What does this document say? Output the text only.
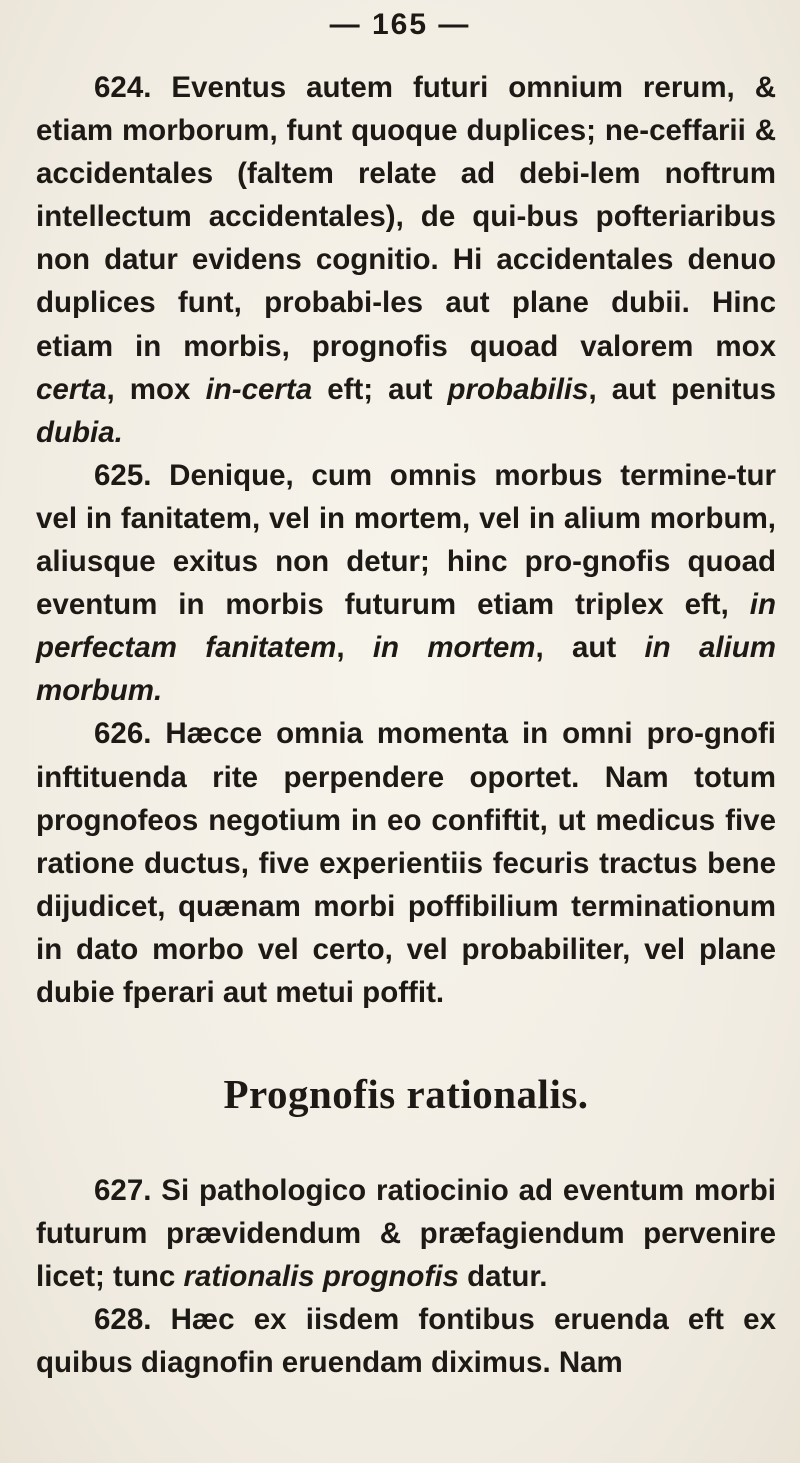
— 165 —

624. Eventus autem futuri omnium rerum, & etiam morborum, funt quoque duplices; ne-ceffarii & accidentales (faltem relate ad debi-lem noftrum intellectum accidentales), de qui-bus pofteriaribus non datur evidens cognitio. Hi accidentales denuo duplices funt, probabi-les aut plane dubii. Hinc etiam in morbis, prognofis quoad valorem mox certa, mox in-certa eft; aut probabilis, aut penitus dubia.

625. Denique, cum omnis morbus termine-tur vel in fanitatem, vel in mortem, vel in alium morbum, aliusque exitus non detur; hinc pro-gnofis quoad eventum in morbis futurum etiam triplex eft, in perfectam fanitatem, in mortem, aut in alium morbum.

626. Hæcce omnia momenta in omni pro-gnofi inftituenda rite perpendere oportet. Nam totum prognofeos negotium in eo confiftit, ut medicus five ratione ductus, five experientiis fecuris tractus bene dijudicet, quænam morbi poffibilium terminationum in dato morbo vel certo, vel probabiliter, vel plane dubie fperari aut metui poffit.

Prognofis rationalis.

627. Si pathologico ratiocinio ad eventum morbi futurum prævidendum & præfagiendum pervenire licet; tunc rationalis prognofis datur.

628. Hæc ex iisdem fontibus eruenda eft ex quibus diagnofin eruendam diximus. Nam
